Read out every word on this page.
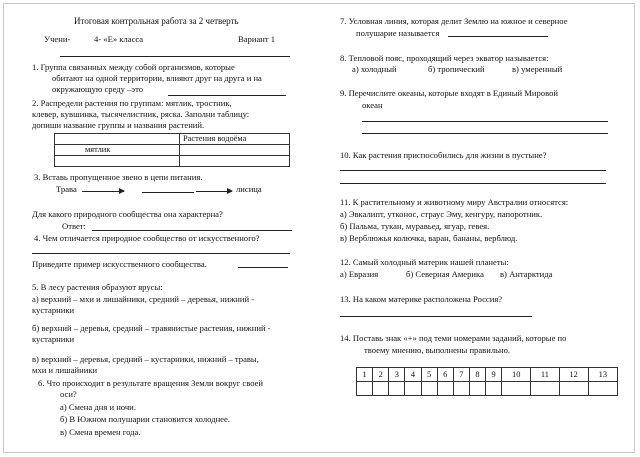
Итоговая контрольная работа за 2 четверть
Учени-	4- «Е» класса	Вариант 1
1. Группа связанных между собой организмов, которые
обитают на одной территории, влияют друг на друга и на
окружающую среду –это
2. Распредели растения по группам: мятлик, тростник,
клевер, кувшинка, тысячелистник, ряска. Заполни таблицу:
допиши название группы и названия растений.
	Растения водоёма
мятлик	

3. Вставь пропущенное звено в цепи питания.
Трава	лисица
Для какого природного сообщества она характерна?
Ответ:
4. Чем отличается природное сообщество от искусственного?
Приведите пример искусственного сообщества.
5. В лесу растения образуют ярусы:
а) верхний – мхи и лишайники, средний – деревья, нижний -
кустарники
б) верхний – деревья, средний – травянистые растения, нижний -
кустарники
в) верхний – деревья, средний – кустарники, нижний – травы,
мхи и лишайники
6. Что происходит в результате вращения Земли вокруг своей
оси?
а) Смена дня и ночи.
б) В Южном полушарии становится холоднее.
в) Смена времен года.
7. Условная линия, которая делит Землю на южное и северное
полушарие называется
8. Тепловой пояс, проходящий через экватор называется:
а) холодный	б) тропический	в) умеренный
9. Перечислите океаны, которые входят в Единый Мировой
океан
10. Как растения приспособились для жизни в пустыне?
11. К растительному и животному миру Австралии относятся:
а) Эвкалипт, утконос, страус Эму, кенгуру, папоротник.
б) Пальма, тукан, муравьед, ягуар, гевея.
в) Верблюжья колючка, варан, бананы, верблюд.
12. Самый холодный материк нашей планеты:
а) Евразия	б) Северная Америка в) Антарктида
13. На каком материке расположена Россия?
14. Поставь знак «+» под теми номерами заданий, которые по
твоему мнению, выполнены правильно.
1	2	3	4	5	6	7	8	9	10	11	12	13
